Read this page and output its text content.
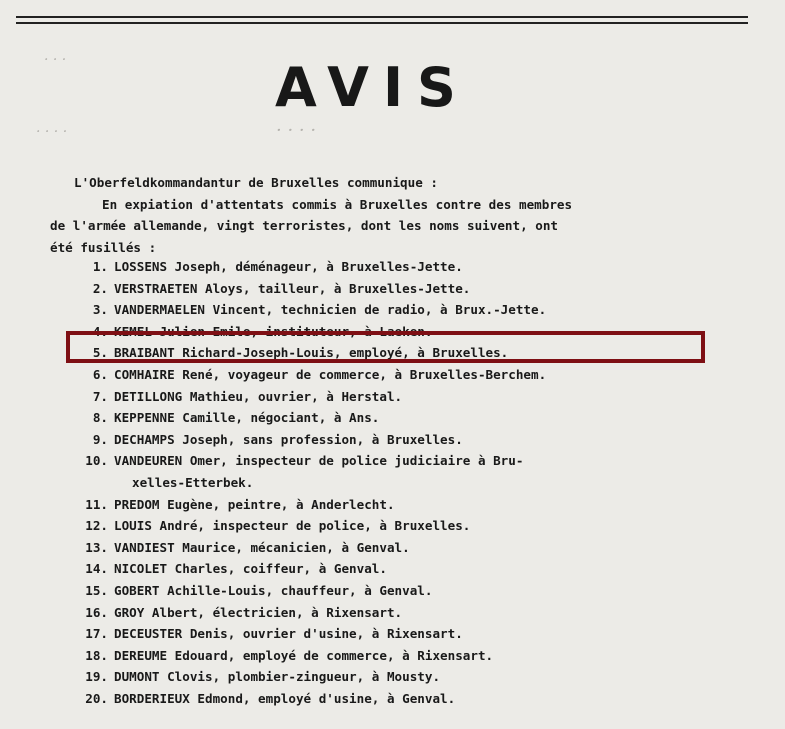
· · ·
· · · ·	· · · ·
AVIS
L'Oberfeldkommandantur de Bruxelles communique :
En expiation d'attentats commis à Bruxelles contre des membres
de l'armée allemande, vingt terroristes, dont les noms suivent, ont
été fusillés :
1. LOSSENS Joseph, déménageur, à Bruxelles-Jette.
2. VERSTRAETEN Aloys, tailleur, à Bruxelles-Jette.
3. VANDERMAELEN Vincent, technicien de radio, à Brux.-Jette.
4. KEMEL Julien-Emile, instituteur, à Laeken.
5. BRAIBANT Richard-Joseph-Louis, employé, à Bruxelles.
6. COMHAIRE René, voyageur de commerce, à Bruxelles-Berchem.
7. DETILLONG Mathieu, ouvrier, à Herstal.
8. KEPPENNE Camille, négociant, à Ans.
9. DECHAMPS Joseph, sans profession, à Bruxelles.
10. VANDEUREN Omer, inspecteur de police judiciaire à Bru-
xelles-Etterbek.
11. PREDOM Eugène, peintre, à Anderlecht.
12. LOUIS André, inspecteur de police, à Bruxelles.
13. VANDIEST Maurice, mécanicien, à Genval.
14. NICOLET Charles, coiffeur, à Genval.
15. GOBERT Achille-Louis, chauffeur, à Genval.
16. GROY Albert, électricien, à Rixensart.
17. DECEUSTER Denis, ouvrier d'usine, à Rixensart.
18. DEREUME Edouard, employé de commerce, à Rixensart.
19. DUMONT Clovis, plombier-zingueur, à Mousty.
20. BORDERIEUX Edmond, employé d'usine, à Genval.
